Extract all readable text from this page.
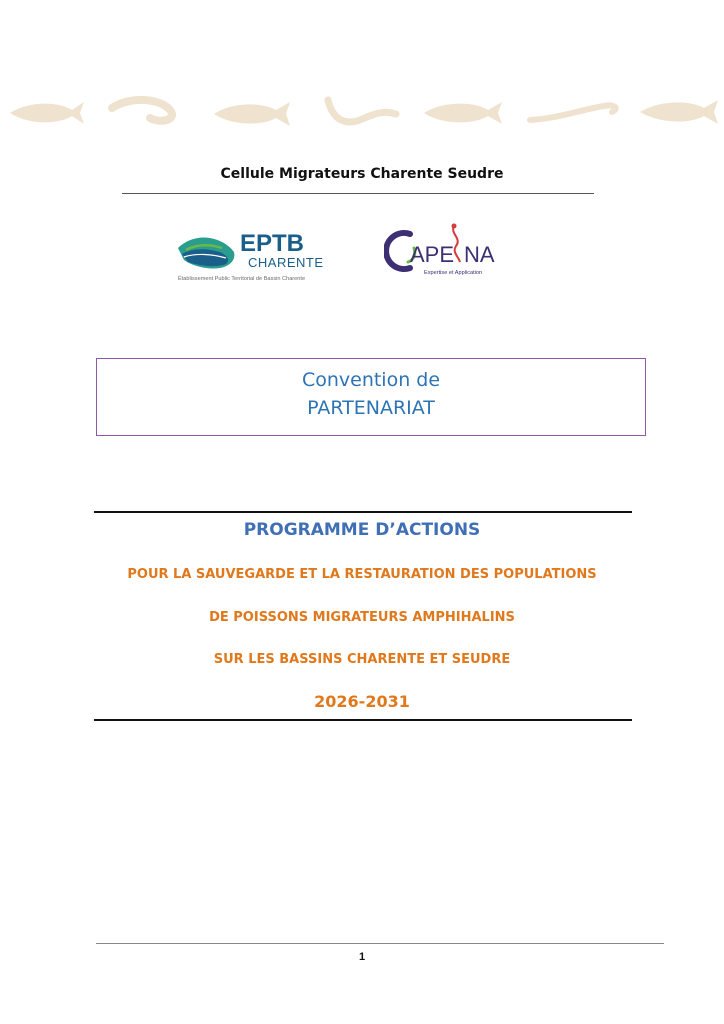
Cellule Migrateurs Charente Seudre
EPTB
CHARENTE
Établissement Public Territorial de Bassin Charente
APE NA
Expertise et Application
Convention de
PARTENARIAT
PROGRAMME D’ACTIONS
POUR LA SAUVEGARDE ET LA RESTAURATION DES POPULATIONS
DE POISSONS MIGRATEURS AMPHIHALINS
SUR LES BASSINS CHARENTE ET SEUDRE
2026-2031
1
